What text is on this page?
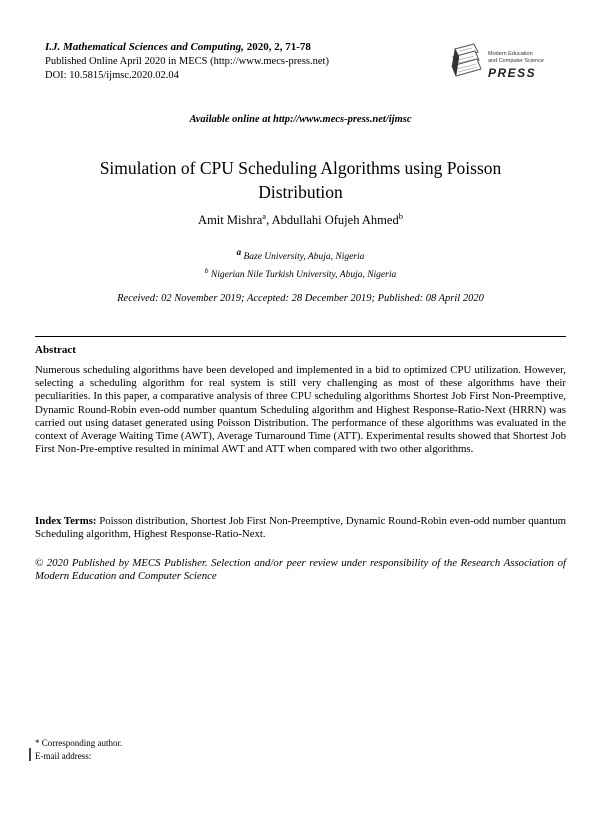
I.J. Mathematical Sciences and Computing, 2020, 2, 71-78
Published Online April 2020 in MECS (http://www.mecs-press.net)
DOI: 10.5815/ijmsc.2020.02.04
Modern Education
and Computer Science
PRESS
Available online at http://www.mecs-press.net/ijmsc
Simulation of CPU Scheduling Algorithms using Poisson Distribution
Amit Mishra$^a$, Abdullahi Ofujeh Ahmed$^b$
$^a$ Baze University, Abuja, Nigeria
$^b$ Nigerian Nile Turkish University, Abuja, Nigeria
Received: 02 November 2019; Accepted: 28 December 2019; Published: 08 April 2020
Abstract

Numerous scheduling algorithms have been developed and implemented in a bid to optimized CPU utilization. However, selecting a scheduling algorithm for real system is still very challenging as most of these algorithms have their peculiarities. In this paper, a comparative analysis of three CPU scheduling algorithms Shortest Job First Non-Preemptive, Dynamic Round-Robin even-odd number quantum Scheduling algorithm and Highest Response-Ratio-Next (HRRN) was carried out using dataset generated using Poisson Distribution. The performance of these algorithms was evaluated in the context of Average Waiting Time (AWT), Average Turnaround Time (ATT). Experimental results showed that Shortest Job First Non-Pre-emptive resulted in minimal AWT and ATT when compared with two other algorithms.

Index Terms: Poisson distribution, Shortest Job First Non-Preemptive, Dynamic Round-Robin even-odd number quantum Scheduling algorithm, Highest Response-Ratio-Next.

© 2020 Published by MECS Publisher. Selection and/or peer review under responsibility of the Research Association of Modern Education and Computer Science

* Corresponding author.
E-mail address:
